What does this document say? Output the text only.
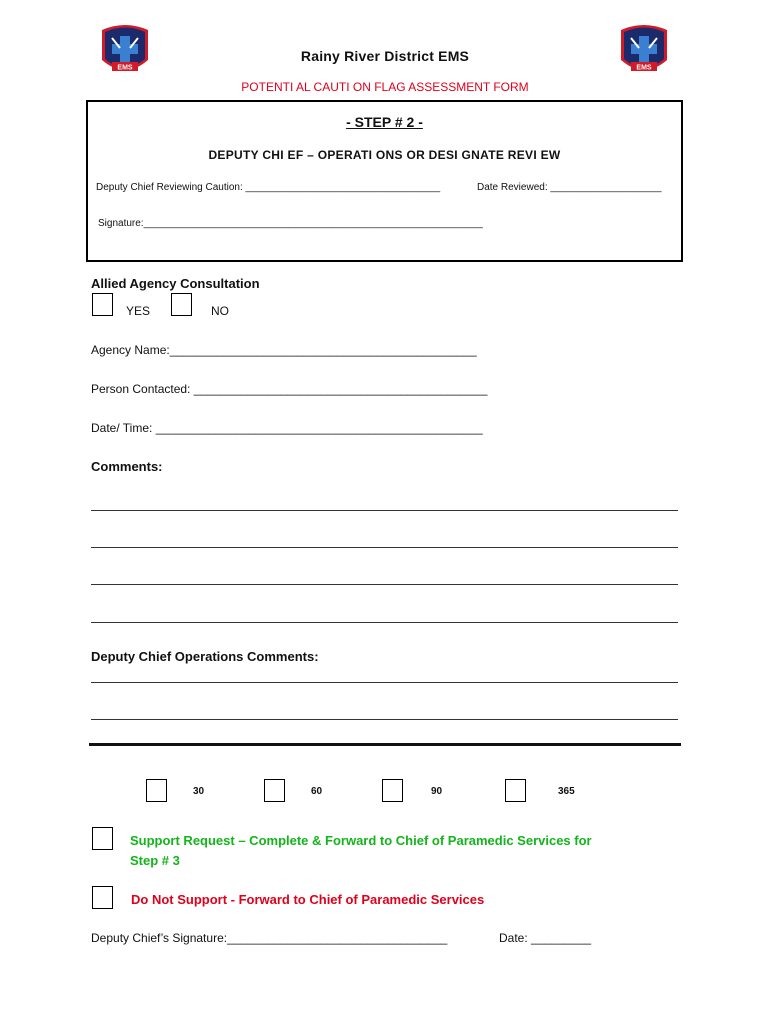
EMS	EMS
Rainy River District EMS
POTENTI AL CAUTI ON FLAG ASSESSMENT FORM
- STEP # 2 -
DEPUTY CHI EF – OPERATI ONS OR DESI GNATE REVI EW
Deputy Chief Reviewing Caution: ___________________________________	Date Reviewed: ____________________
Signature:_____________________________________________________________
Allied Agency Consultation
YES	NO
Agency Name:______________________________________________
Person Contacted: ____________________________________________
Date/ Time: _________________________________________________
Comments:
Deputy Chief Operations Comments:
30	60	90	365
Support Request – Complete & Forward to Chief of Paramedic Services for
Step # 3
Do Not Support - Forward to Chief of Paramedic Services
Deputy Chief’s Signature:_________________________________	Date: _________
